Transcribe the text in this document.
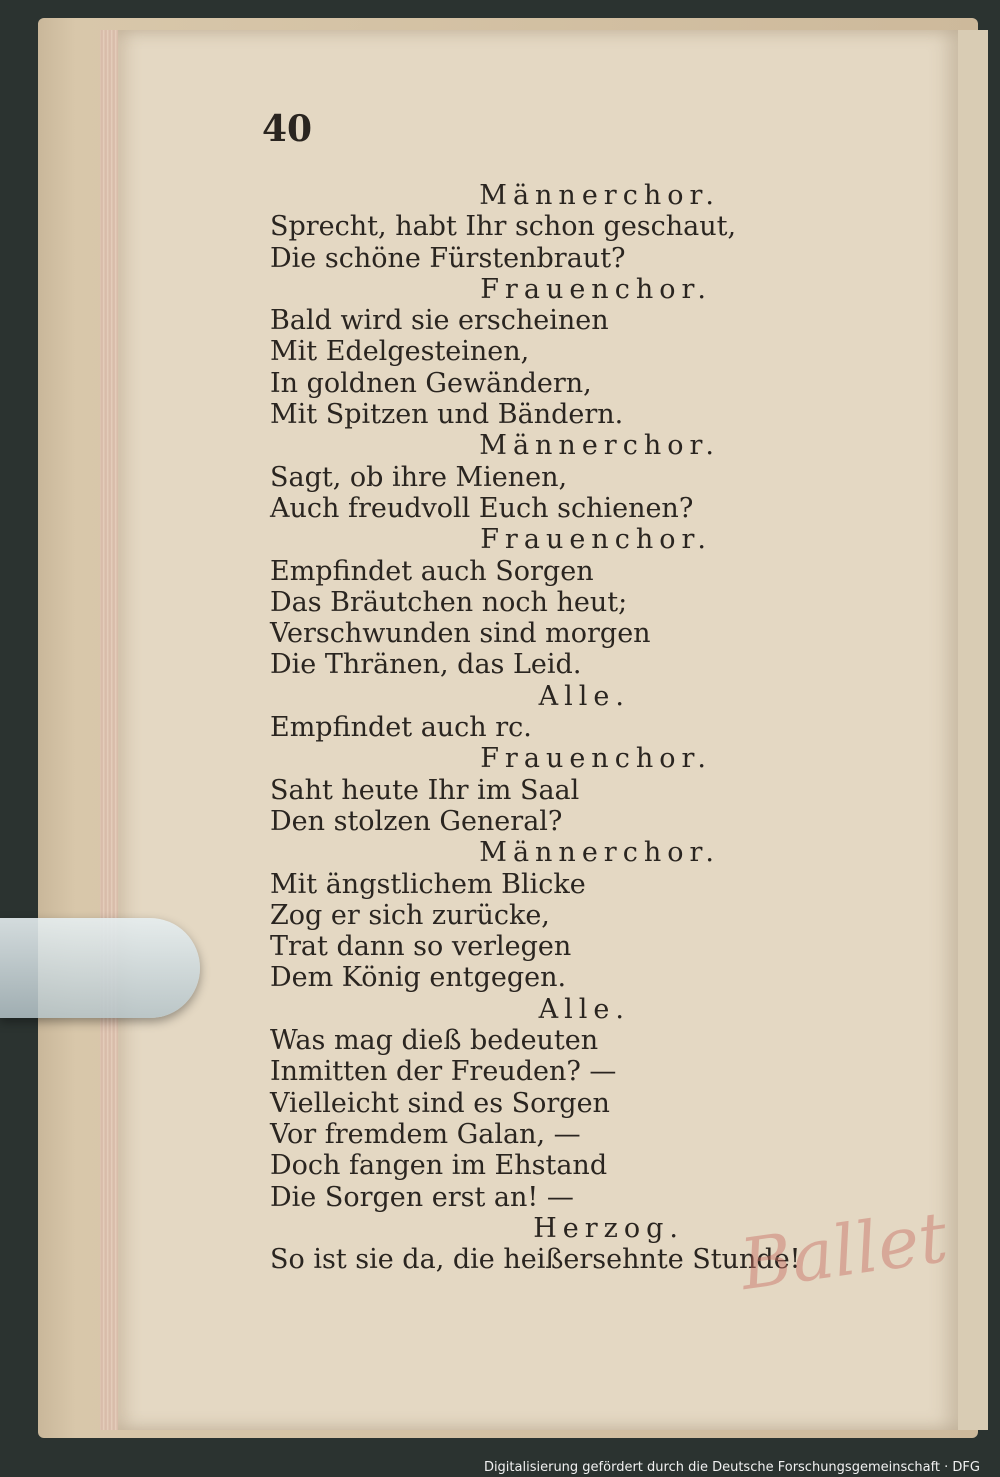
40
Männerchor.
Sprecht, habt Ihr schon geschaut,
Die schöne Fürstenbraut?
Frauenchor.
Bald wird sie erscheinen
Mit Edelgesteinen,
In goldnen Gewändern,
Mit Spitzen und Bändern.
Männerchor.
Sagt, ob ihre Mienen,
Auch freudvoll Euch schienen?
Frauenchor.
Empfindet auch Sorgen
Das Bräutchen noch heut;
Verschwunden sind morgen
Die Thränen, das Leid.
Alle.
Empfindet auch rc.
Frauenchor.
Saht heute Ihr im Saal
Den stolzen General?
Männerchor.
Mit ängstlichem Blicke
Zog er sich zurücke,
Trat dann so verlegen
Dem König entgegen.
Alle.
Was mag dieß bedeuten
Inmitten der Freuden? —
Vielleicht sind es Sorgen
Vor fremdem Galan, —
Doch fangen im Ehstand
Die Sorgen erst an! —
Herzog.
So ist sie da, die heißersehnte Stunde!
Ballet
Digitalisierung gefördert durch die Deutsche Forschungsgemeinschaft · DFG
